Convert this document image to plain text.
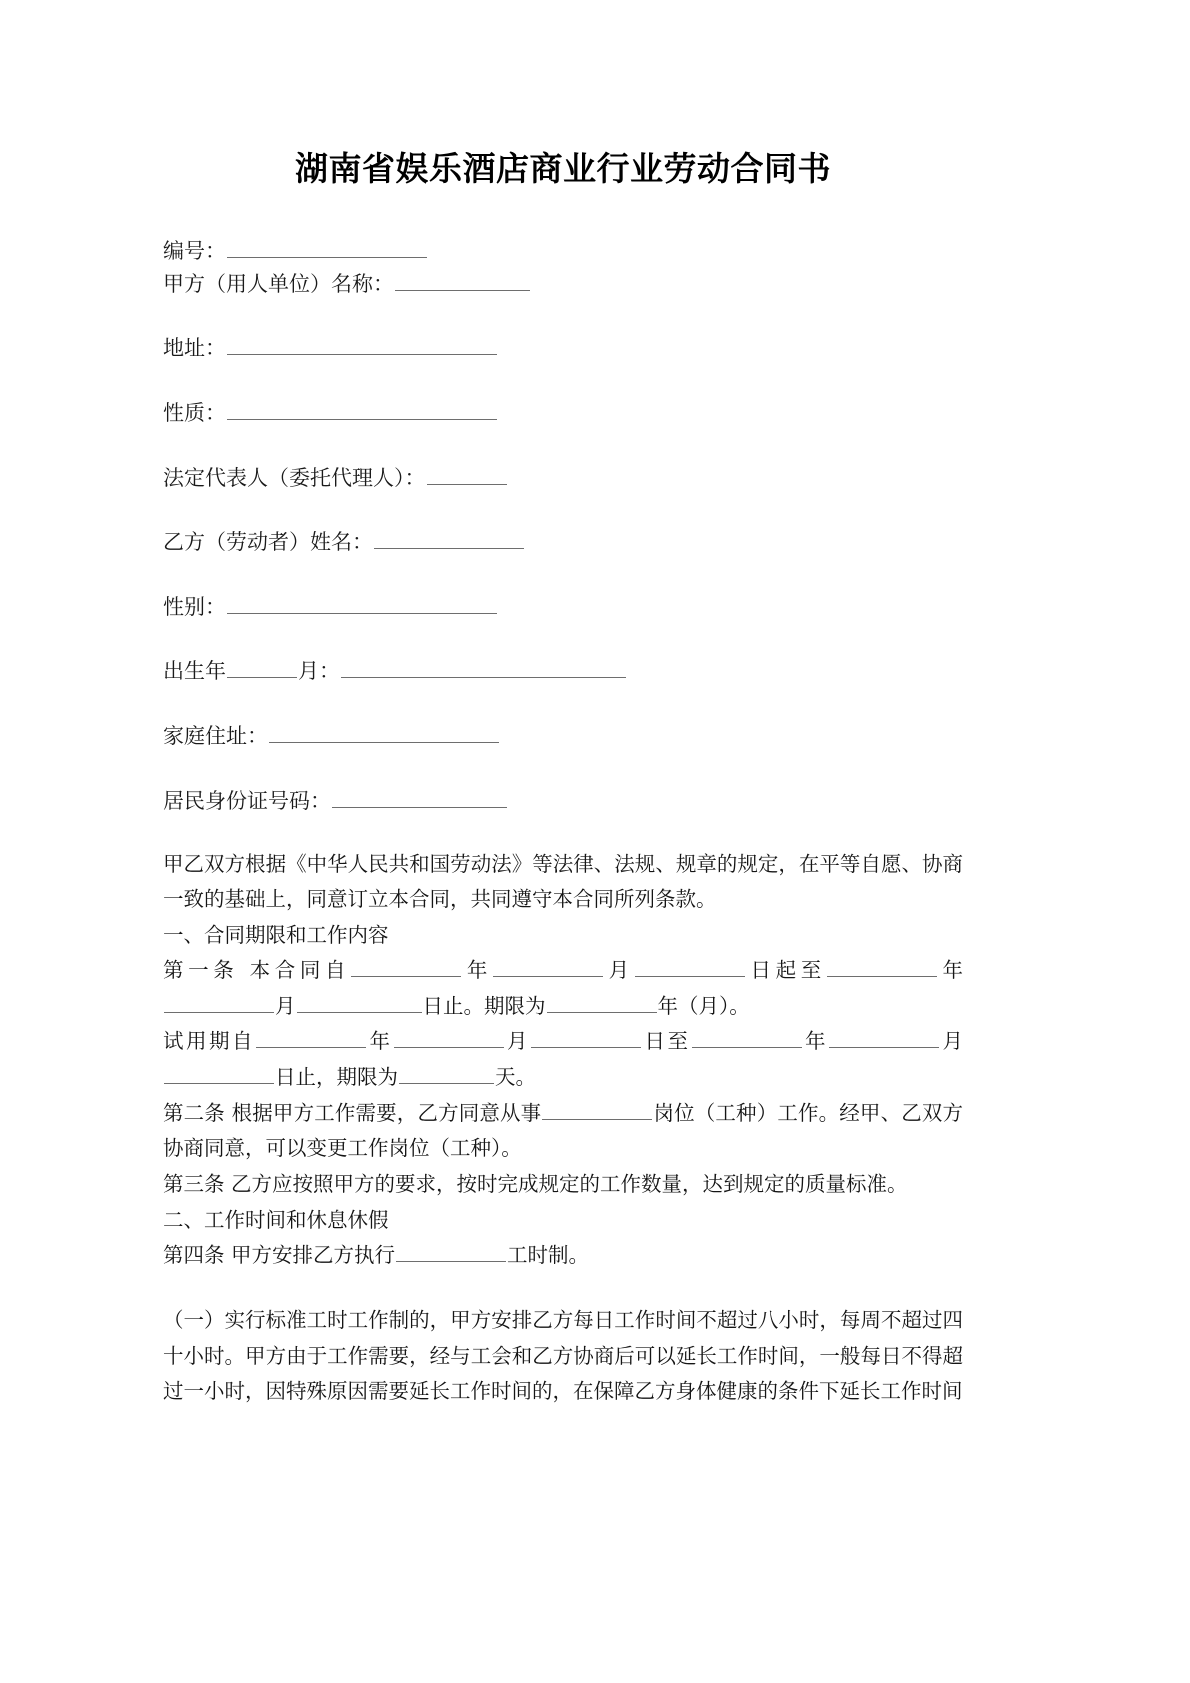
湖南省娱乐酒店商业行业劳动合同书
编号：
甲方（用人单位）名称：
地址：
性质：
法定代表人（委托代理人）：
乙方（劳动者）姓名：
性别：
出生年	月：
家庭住址：
居民身份证号码：

甲乙双方根据《中华人民共和国劳动法》等法律、法规、规章的规定，在平等自愿、协商一致的基础上，同意订立本合同，共同遵守本合同所列条款。

一、合同期限和工作内容

第一条 本合同自	年	月	日起至	年月	日止。期限为	年（月）。

试用期自	年	月	日至	年	月日止，期限为	天。

第二条 根据甲方工作需要，乙方同意从事	岗位（工种）工作。经甲、乙双方协商同意，可以变更工作岗位（工种）。

第三条 乙方应按照甲方的要求，按时完成规定的工作数量，达到规定的质量标准。

二、工作时间和休息休假

第四条 甲方安排乙方执行	工时制。

（一）实行标准工时工作制的，甲方安排乙方每日工作时间不超过八小时，每周不超过四十小时。甲方由于工作需要，经与工会和乙方协商后可以延长工作时间，一般每日不得超过一小时，因特殊原因需要延长工作时间的，在保障乙方身体健康的条件下延长工作时间
